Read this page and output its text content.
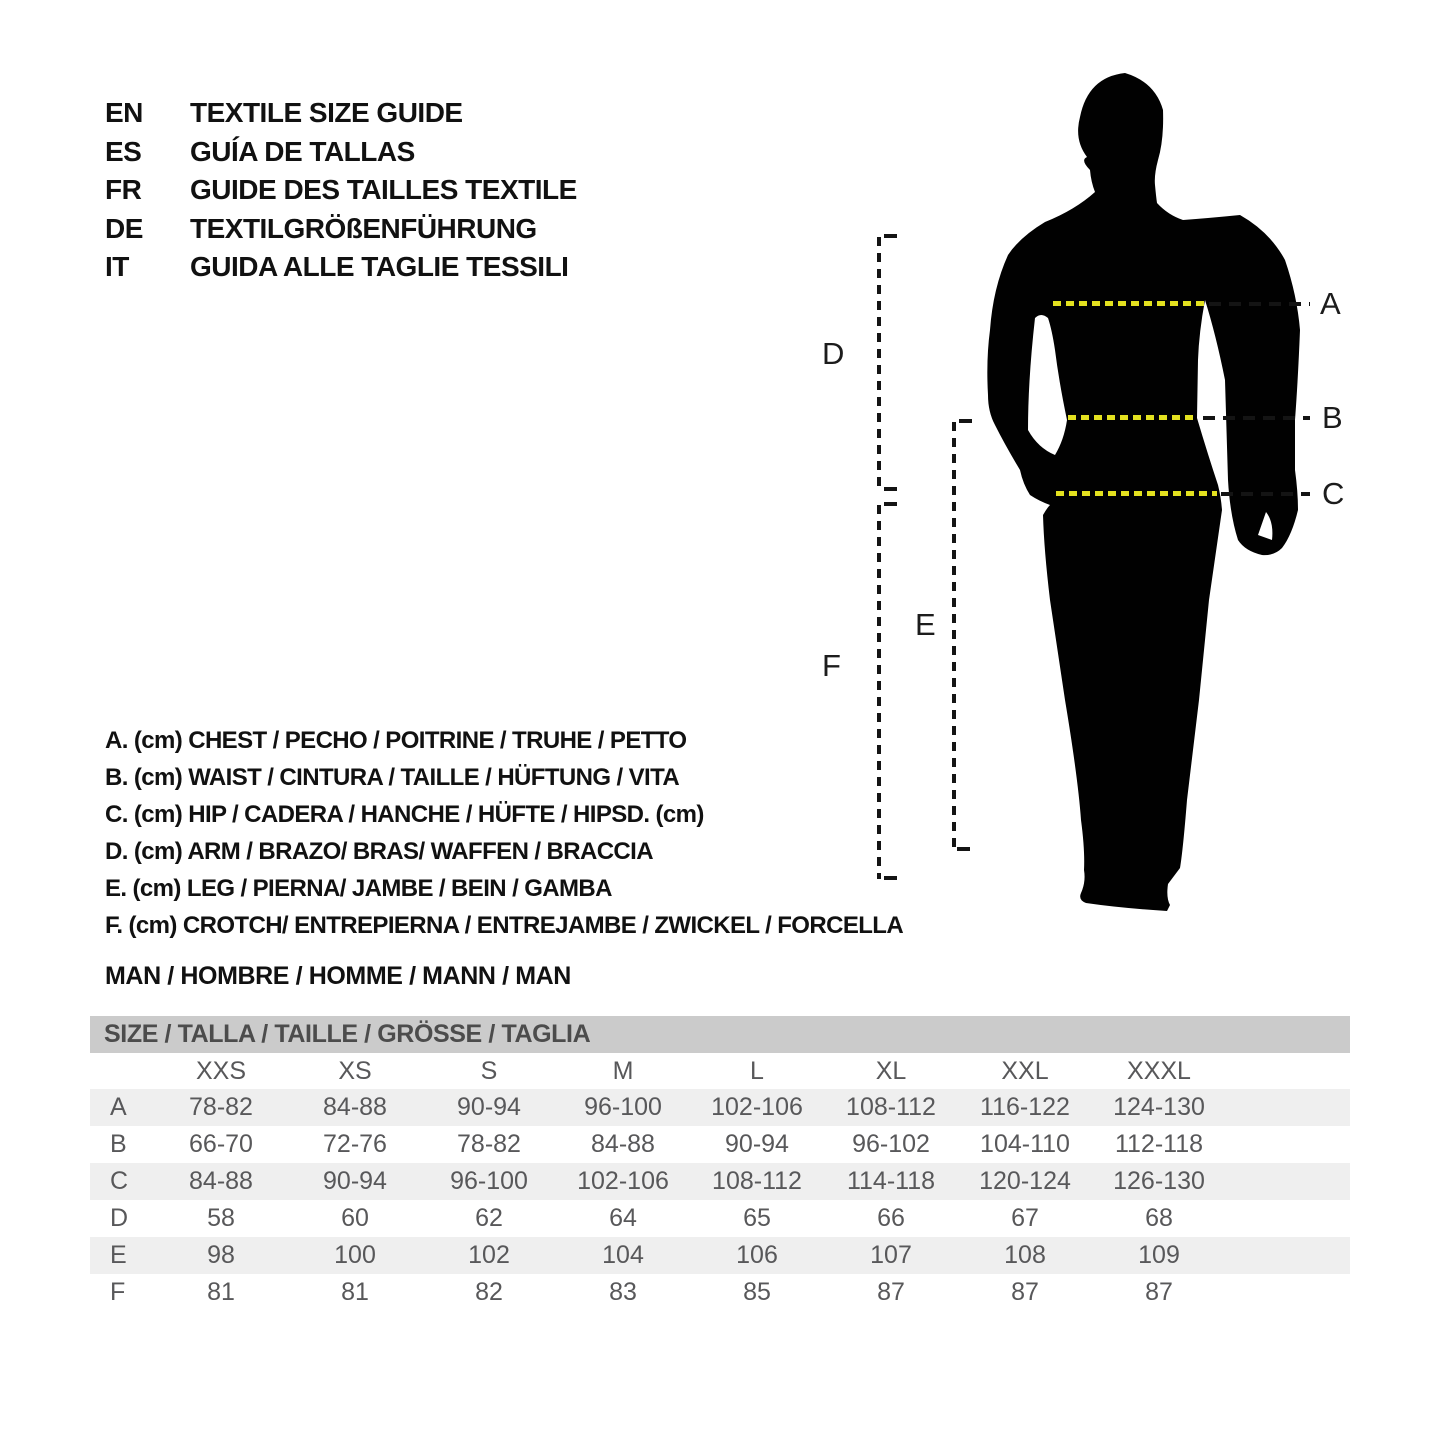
EN	TEXTILE SIZE GUIDE
ES	GUÍA DE TALLAS
FR	GUIDE DES TAILLES TEXTILE
DE	TEXTILGRÖßENFÜHRUNG
IT	GUIDA ALLE TAGLIE TESSILI
A
B
C
D
F
E
A. (cm) CHEST / PECHO / POITRINE / TRUHE / PETTO
B. (cm) WAIST / CINTURA / TAILLE / HÜFTUNG / VITA
C. (cm) HIP / CADERA / HANCHE / HÜFTE / HIPSD. (cm)
D. (cm) ARM / BRAZO/ BRAS/ WAFFEN / BRACCIA
E. (cm) LEG / PIERNA/ JAMBE / BEIN / GAMBA
F. (cm) CROTCH/ ENTREPIERNA / ENTREJAMBE / ZWICKEL / FORCELLA
MAN / HOMBRE / HOMME / MANN / MAN
SIZE / TALLA / TAILLE / GRÖSSE / TAGLIA
XXS	XS	S	M	L	XL	XXL	XXXL
A	78-82	84-88	90-94	96-100	102-106	108-112	116-122	124-130
B	66-70	72-76	78-82	84-88	90-94	96-102	104-110	112-118
C	84-88	90-94	96-100	102-106	108-112	114-118	120-124	126-130
D	58	60	62	64	65	66	67	68
E	98	100	102	104	106	107	108	109
F	81	81	82	83	85	87	87	87
